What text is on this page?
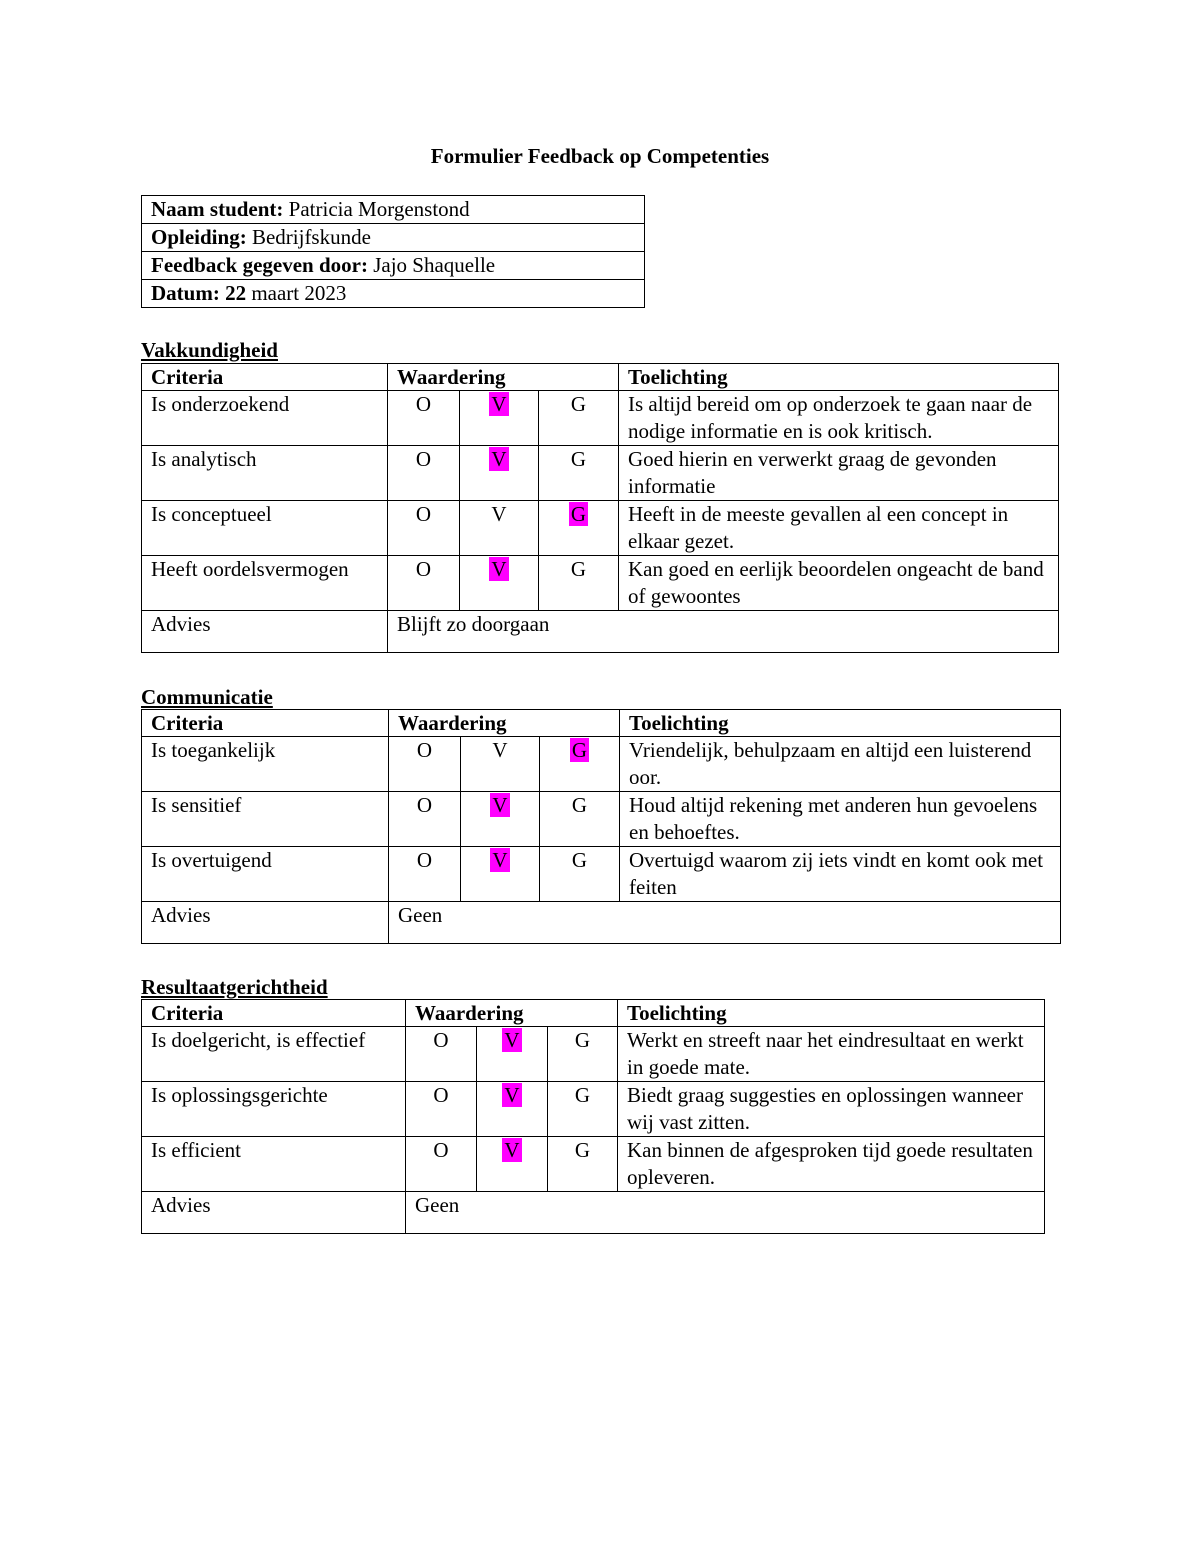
Formulier Feedback op Competenties
Naam student: Patricia Morgenstond
Opleiding: Bedrijfskunde
Feedback gegeven door: Jajo Shaquelle
Datum: 22 maart 2023
Vakkundigheid
Criteria	Waardering			Toelichting
Is onderzoekend	O	V	G	Is altijd bereid om op onderzoek te gaan naar de nodige informatie en is ook kritisch.
Is analytisch	O	V	G	Goed hierin en verwerkt graag de gevonden informatie
Is conceptueel	O	V	G	Heeft in de meeste gevallen al een concept in elkaar gezet.
Heeft oordelsvermogen	O	V	G	Kan goed en eerlijk beoordelen ongeacht de band of gewoontes
Advies	Blijft zo doorgaan			
Communicatie
Criteria	Waardering			Toelichting
Is toegankelijk	O	V	G	Vriendelijk, behulpzaam en altijd een luisterend oor.
Is sensitief	O	V	G	Houd altijd rekening met anderen hun gevoelens en behoeftes.
Is overtuigend	O	V	G	Overtuigd waarom zij iets vindt en komt ook met feiten
Advies	Geen			
Resultaatgerichtheid
Criteria	Waardering			Toelichting
Is doelgericht, is effectief	O	V	G	Werkt en streeft naar het eindresultaat en werkt in goede mate.
Is oplossingsgerichte	O	V	G	Biedt graag suggesties en oplossingen wanneer wij vast zitten.
Is efficient	O	V	G	Kan binnen de afgesproken tijd goede resultaten opleveren.
Advies	Geen			
